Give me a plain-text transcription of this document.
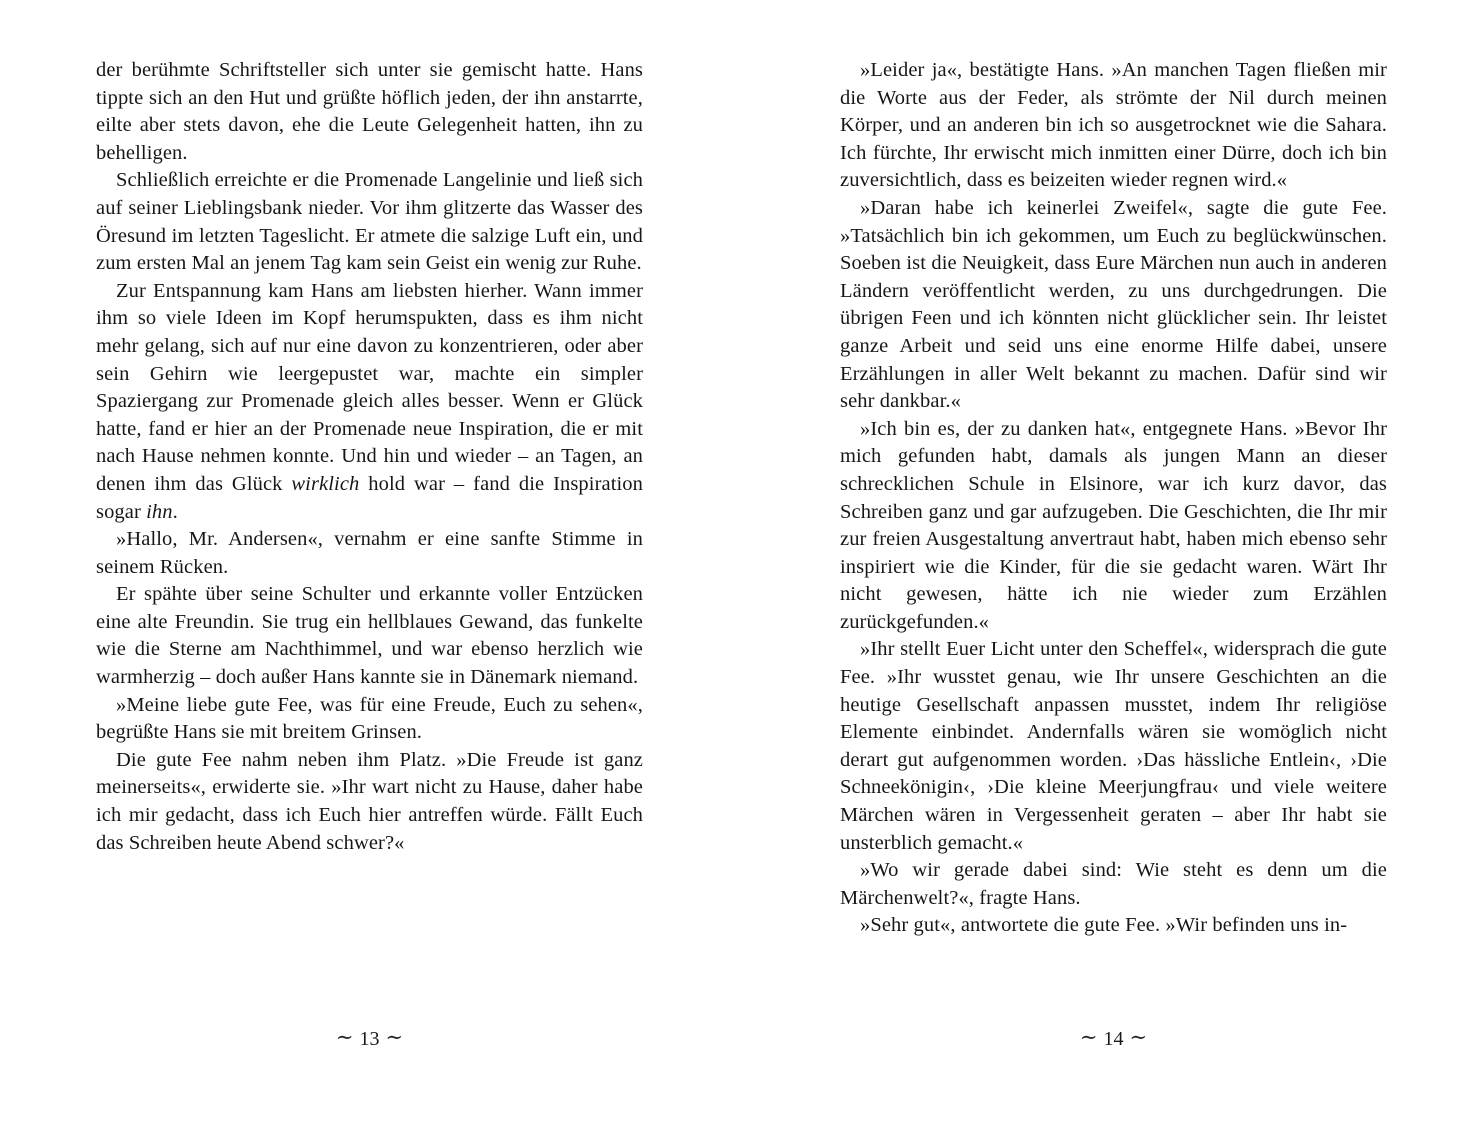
der berühmte Schriftsteller sich unter sie gemischt hatte. Hans tippte sich an den Hut und grüßte höflich jeden, der ihn anstarrte, eilte aber stets davon, ehe die Leute Gelegenheit hatten, ihn zu behelligen.

Schließlich erreichte er die Promenade Langelinie und ließ sich auf seiner Lieblingsbank nieder. Vor ihm glitzerte das Wasser des Öresund im letzten Tageslicht. Er atmete die salzige Luft ein, und zum ersten Mal an jenem Tag kam sein Geist ein wenig zur Ruhe.

Zur Entspannung kam Hans am liebsten hierher. Wann immer ihm so viele Ideen im Kopf herumspukten, dass es ihm nicht mehr gelang, sich auf nur eine davon zu konzentrieren, oder aber sein Gehirn wie leergepustet war, machte ein simpler Spaziergang zur Promenade gleich alles besser. Wenn er Glück hatte, fand er hier an der Promenade neue Inspiration, die er mit nach Hause nehmen konnte. Und hin und wieder – an Tagen, an denen ihm das Glück wirklich hold war – fand die Inspiration sogar ihn.

»Hallo, Mr. Andersen«, vernahm er eine sanfte Stimme in seinem Rücken.

Er spähte über seine Schulter und erkannte voller Entzücken eine alte Freundin. Sie trug ein hellblaues Gewand, das funkelte wie die Sterne am Nachthimmel, und war ebenso herzlich wie warmherzig – doch außer Hans kannte sie in Dänemark niemand.

»Meine liebe gute Fee, was für eine Freude, Euch zu sehen«, begrüßte Hans sie mit breitem Grinsen.

Die gute Fee nahm neben ihm Platz. »Die Freude ist ganz meinerseits«, erwiderte sie. »Ihr wart nicht zu Hause, daher habe ich mir gedacht, dass ich Euch hier antreffen würde. Fällt Euch das Schreiben heute Abend schwer?«

∼ 13 ∼

»Leider ja«, bestätigte Hans. »An manchen Tagen fließen mir die Worte aus der Feder, als strömte der Nil durch meinen Körper, und an anderen bin ich so ausgetrocknet wie die Sahara. Ich fürchte, Ihr erwischt mich inmitten einer Dürre, doch ich bin zuversichtlich, dass es beizeiten wieder regnen wird.«

»Daran habe ich keinerlei Zweifel«, sagte die gute Fee. »Tatsächlich bin ich gekommen, um Euch zu beglückwünschen. Soeben ist die Neuigkeit, dass Eure Märchen nun auch in anderen Ländern veröffentlicht werden, zu uns durchgedrungen. Die übrigen Feen und ich könnten nicht glücklicher sein. Ihr leistet ganze Arbeit und seid uns eine enorme Hilfe dabei, unsere Erzählungen in aller Welt bekannt zu machen. Dafür sind wir sehr dankbar.«

»Ich bin es, der zu danken hat«, entgegnete Hans. »Bevor Ihr mich gefunden habt, damals als jungen Mann an dieser schrecklichen Schule in Elsinore, war ich kurz davor, das Schreiben ganz und gar aufzugeben. Die Geschichten, die Ihr mir zur freien Ausgestaltung anvertraut habt, haben mich ebenso sehr inspiriert wie die Kinder, für die sie gedacht waren. Wärt Ihr nicht gewesen, hätte ich nie wieder zum Erzählen zurückgefunden.«

»Ihr stellt Euer Licht unter den Scheffel«, widersprach die gute Fee. »Ihr wusstet genau, wie Ihr unsere Geschichten an die heutige Gesellschaft anpassen musstet, indem Ihr religiöse Elemente einbindet. Andernfalls wären sie womöglich nicht derart gut aufgenommen worden. ›Das hässliche Entlein‹, ›Die Schneekönigin‹, ›Die kleine Meerjungfrau‹ und viele weitere Märchen wären in Vergessenheit geraten – aber Ihr habt sie unsterblich gemacht.«

»Wo wir gerade dabei sind: Wie steht es denn um die Märchenwelt?«, fragte Hans.

»Sehr gut«, antwortete die gute Fee. »Wir befinden uns in-

∼ 14 ∼
